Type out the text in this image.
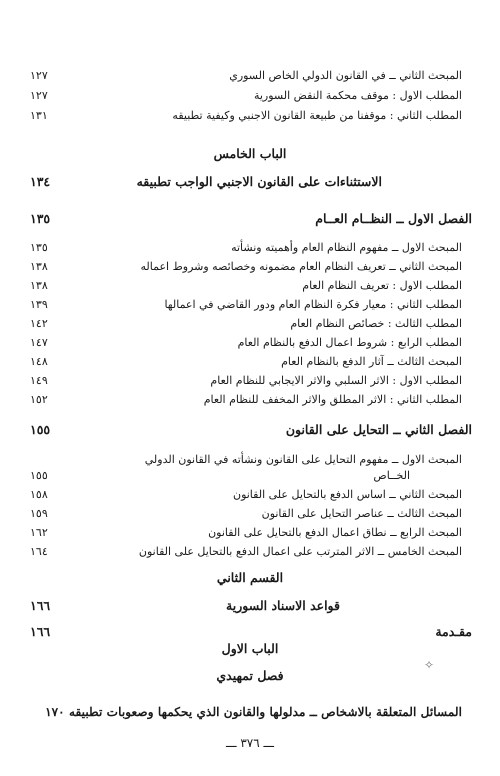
المبحث الثاني ــ في القانون الدولي الخاص السوري
١٢٧
المطلب الاول : موقف محكمة النقض السورية
١٢٧
المطلب الثاني : موقفنا من طبيعة القانون الاجنبي وكيفية تطبيقه
١٣١
الباب الخامس
الاستثناءات على القانون الاجنبي الواجب تطبيقه
١٣٤
الفصل الاول ــ النظــام العــام
١٣٥
المبحث الاول ــ مفهوم النظام العام وأهميته ونشأته
١٣٥
المبحث الثاني ــ تعريف النظام العام مضمونه وخصائصه وشروط اعماله
١٣٨
المطلب الاول : تعريف النظام العام
١٣٨
المطلب الثاني : معيار فكرة النظام العام ودور القاضي في اعمالها
١٣٩
المطلب الثالث : خصائص النظام العام
١٤٢
المطلب الرابع : شروط اعمال الدفع بالنظام العام
١٤٧
المبحث الثالث ــ آثار الدفع بالنظام العام
١٤٨
المطلب الاول : الاثر السلبي والاثر الايجابي للنظام العام
١٤٩
المطلب الثاني : الاثر المطلق والاثر المخفف للنظام العام
١٥٢
الفصل الثاني ــ التحايل على القانون
١٥٥
المبحث الاول ــ مفهوم التحايل على القانون ونشأته في القانون الدولي
الخــاص
١٥٥
المبحث الثاني ــ اساس الدفع بالتحايل على القانون
١٥٨
المبحث الثالث ــ عناصر التحايل على القانون
١٥٩
المبحث الرابع ــ نطاق اعمال الدفع بالتحايل على القانون
١٦٢
المبحث الخامس ــ الاثر المترتب على اعمال الدفع بالتحايل على القانون
١٦٤
القسم الثاني
قواعد الاسناد السورية
١٦٦
مقـدمة
١٦٦
الباب الاول
✧
فصل تمهيدي
المسائل المتعلقة بالاشخاص ــ مدلولها والقانون الذي يحكمها وصعوبات تطبيقه ١٧٠
ـــ ٣٧٦ ـــ
